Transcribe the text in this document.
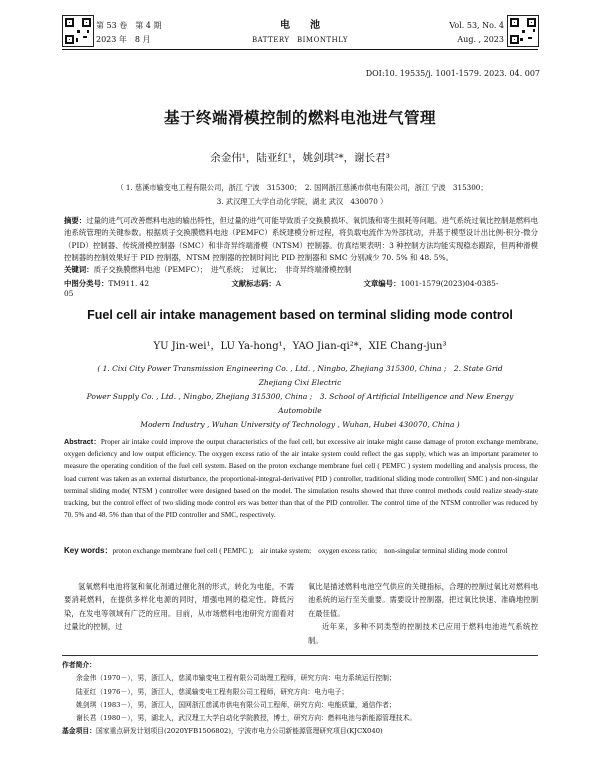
第 53 卷　第 4 期
2023 年　8 月
电　　池
BATTERY　BIMONTHLY
Vol. 53, No. 4
Aug. , 2023
DOI:10. 19535/j. 1001-1579. 2023. 04. 007
基于终端滑模控制的燃料电池进气管理
余金伟¹，陆亚红¹，姚剑琪²*，谢长君³
（ 1. 慈溪市输变电工程有限公司，浙江 宁波　315300；　2. 国网浙江慈溪市供电有限公司，浙江 宁波　315300；
3. 武汉理工大学自动化学院，湖北 武汉　430070 ）
摘要：过量的进气可改善燃料电池的输出特性，但过量的进气可能导致质子交换膜损坏、氧饥饿和寄生损耗等问题。进气系统过氧比控制是燃料电池系统管理的关键参数。根据质子交换膜燃料电池（PEMFC）系统建模分析过程，将负载电流作为外部扰动，并基于模型设计出比例-积分-微分（PID）控制器、传统滑模控制器（SMC）和非奇异终端滑模（NTSM）控制器。仿真结果表明：3 种控制方法均能实现稳态跟踪，但两种滑模控制器的控制效果好于 PID 控制器，NTSM 控制器的控制时间比 PID 控制器和 SMC 分别减少 70. 5% 和 48. 5%。
关键词：质子交换膜燃料电池（PEMFC）；　进气系统；　过氧比；　非奇异终端滑模控制
中图分类号：TM911. 42	文献标志码：A	文章编号：1001-1579(2023)04-0385-05
Fuel cell air intake management based on terminal sliding mode control
YU Jin-wei¹，LU Ya-hong¹，YAO Jian-qi²*，XIE Chang-jun³
( 1. Cixi City Power Transmission Engineering Co. , Ltd. , Ningbo, Zhejiang 315300, China ;　2. State Grid Zhejiang Cixi Electric
Power Supply Co. , Ltd. , Ningbo, Zhejiang 315300, China ;　3. School of Artificial Intelligence and New Energy Automobile
Modern Industry , Wuhan University of Technology , Wuhan, Hubei 430070, China )
Abstract：Proper air intake could improve the output characteristics of the fuel cell, but excessive air intake might cause damage of proton exchange membrane, oxygen deficiency and low output efficiency. The oxygen excess ratio of the air intake system could reflect the gas supply, which was an important parameter to measure the operating condition of the fuel cell system. Based on the proton exchange membrane fuel cell ( PEMFC ) system modelling and analysis process, the load current was taken as an external disturbance, the proportional-integral-derivative( PID ) controller, traditional sliding mode controller( SMC ) and non-singular terminal sliding mode( NTSM ) controller were designed based on the model. The simulation results showed that three control methods could realize steady-state tracking, but the control effect of two sliding mode control ers was better than that of the PID controller. The control time of the NTSM controller was reduced by 70. 5% and 48. 5% than that of the PID controller and SMC, respectively.
Key words：proton exchange membrane fuel cell ( PEMFC );　air intake system;　oxygen excess ratio;　non-singular terminal sliding mode control

氢氧燃料电池将氢和氧化剂通过催化剂的形式，转化为电能，不需要消耗燃料，在提供多样化电源的同时，增强电网的稳定性。降低污染，在发电等领域有广泛的应用。目前，从市场燃料电池研究方面看对过量比的控制，过

氧比是描述燃料电池空气供应的关键指标，合理的控制过氧比对燃料电池系统的运行至关重要。需要设计控制器，把过氧比快速、准确地控制在最佳值。

近年来，多种不同类型的控制技术已应用于燃料电池进气系统控制。

作者简介：
余金伟（1970－），男，浙江人，慈溪市输变电工程有限公司助理工程师，研究方向：电力系统运行控制；
陆亚红（1976－），男，浙江人，慈溪输变电工程有限公司工程师，研究方向：电力电子；
姚剑琪（1983－），男，浙江人，国网浙江慈溪市供电有限公司工程师，研究方向：电能质量，通信作者；
谢长君（1980－），男，湖北人，武汉理工大学自动化学院教授，博士，研究方向：燃料电池与新能源管理技术。
基金项目：国家重点研发计划项目(2020YFB1506802)，宁波市电力公司新能源管理研究项目(KJCX040)
